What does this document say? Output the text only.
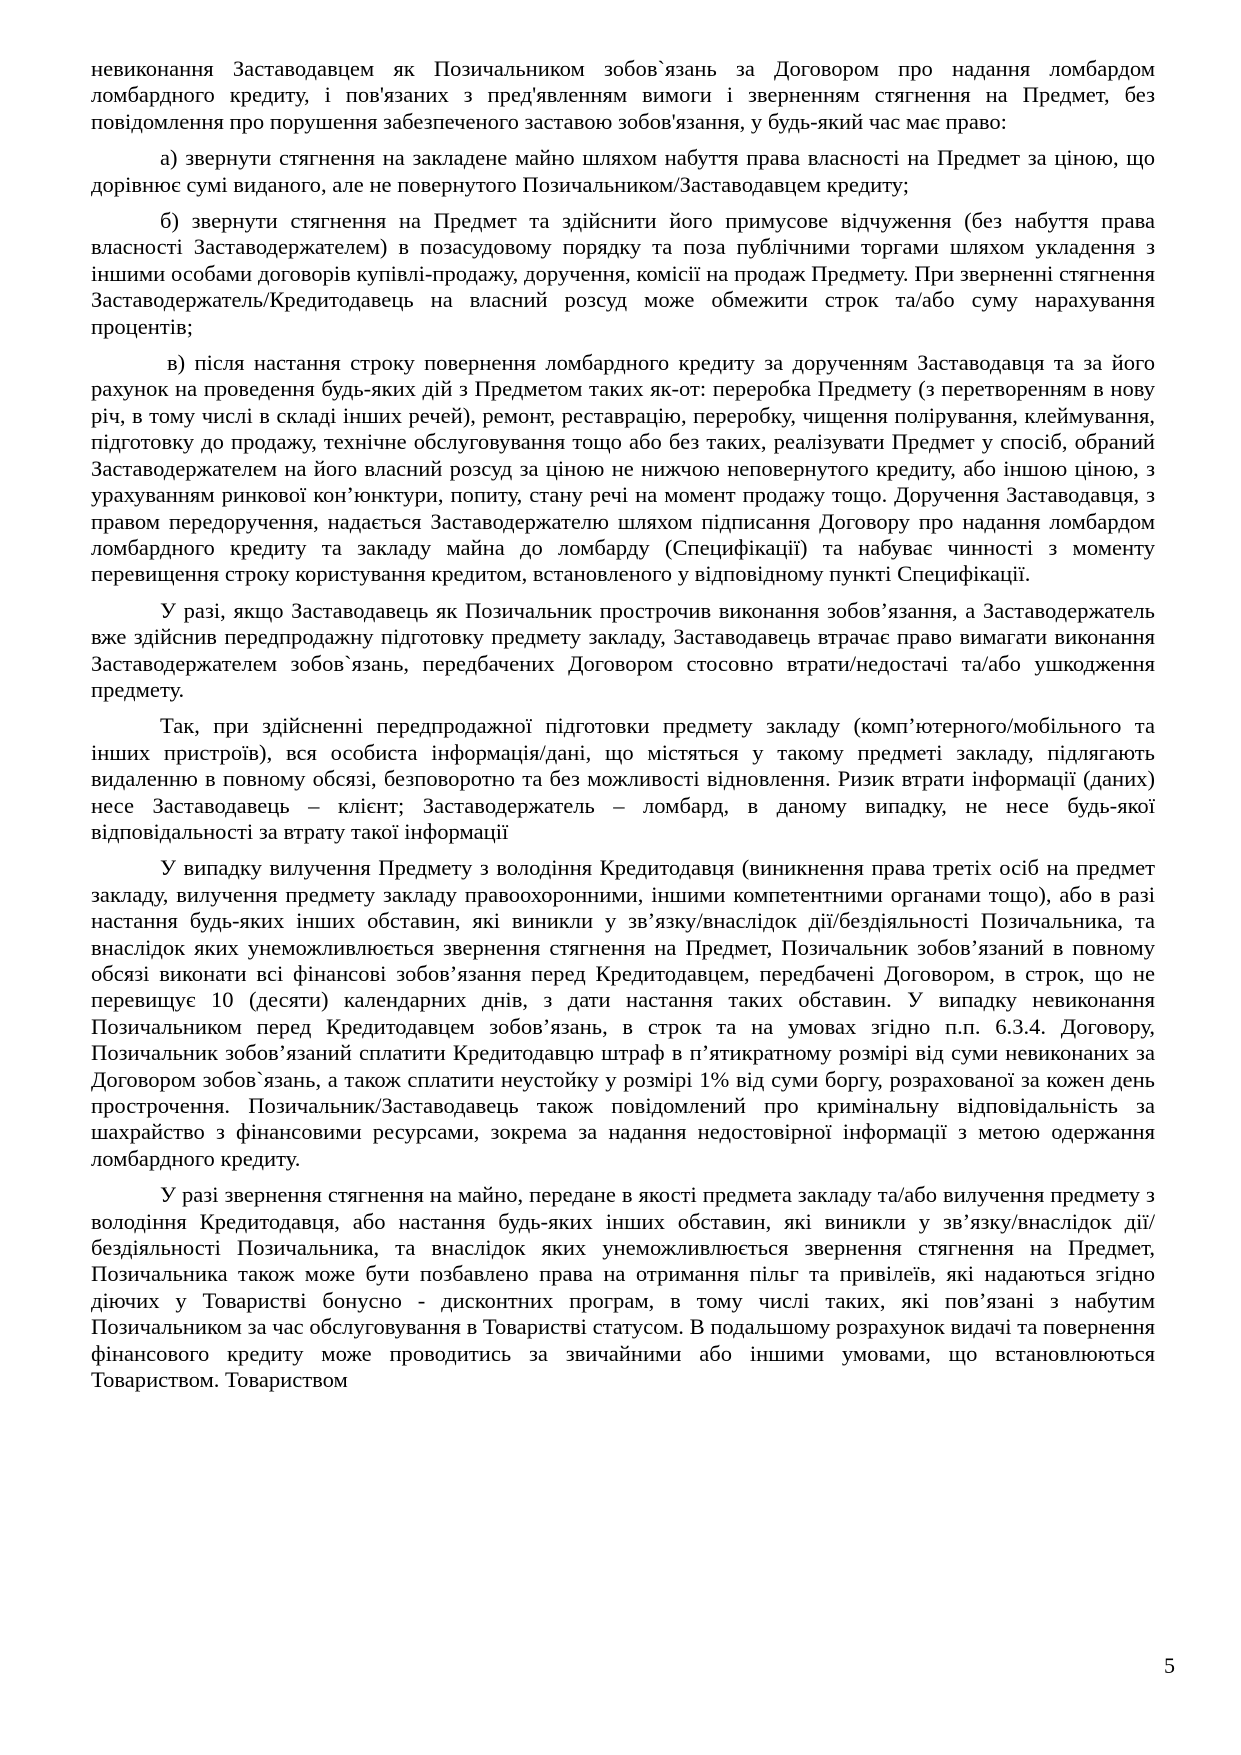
невиконання Заставодавцем як Позичальником зобов`язань за Договором про надання ломбардом ломбардного кредиту, і пов'язаних з пред'явленням вимоги і зверненням стягнення на Предмет, без повідомлення про порушення забезпеченого заставою зобов'язання, у будь-який час має право:

а) звернути стягнення на закладене майно шляхом набуття права власності на Предмет за ціною, що дорівнює сумі виданого, але не повернутого Позичальником/Заставодавцем кредиту;

б) звернути стягнення на Предмет та здійснити його примусове відчуження (без набуття права власності Заставодержателем) в позасудовому порядку та поза публічними торгами шляхом укладення з іншими особами договорів купівлі-продажу, доручення, комісії на продаж Предмету. При зверненні стягнення Заставодержатель/Кредитодавець на власний розсуд може обмежити строк та/або суму нарахування процентів;

в) після настання строку повернення ломбардного кредиту за дорученням Заставодавця та за його рахунок на проведення будь-яких дій з Предметом таких як-от: переробка Предмету (з перетворенням в нову річ, в тому числі в складі інших речей), ремонт, реставрацію, переробку, чищення полірування, клеймування, підготовку до продажу, технічне обслуговування тощо або без таких, реалізувати Предмет у спосіб, обраний Заставодержателем на його власний розсуд за ціною не нижчою неповернутого кредиту, або іншою ціною, з урахуванням ринкової кон’юнктури, попиту, стану речі на момент продажу тощо. Доручення Заставодавця, з правом передоручення, надається Заставодержателю шляхом підписання Договору про надання ломбардом ломбардного кредиту та закладу майна до ломбарду (Специфікації) та набуває чинності з моменту перевищення строку користування кредитом, встановленого у відповідному пункті Специфікації.

У разі, якщо Заставодавець як Позичальник прострочив виконання зобов’язання, а Заставодержатель вже здійснив передпродажну підготовку предмету закладу, Заставодавець втрачає право вимагати виконання Заставодержателем зобов`язань, передбачених Договором стосовно втрати/недостачі та/або ушкодження предмету.

Так, при здійсненні передпродажної підготовки предмету закладу (комп’ютерного/мобільного та інших пристроїв), вся особиста інформація/дані, що містяться у такому предметі закладу, підлягають видаленню в повному обсязі, безповоротно та без можливості відновлення. Ризик втрати інформації (даних) несе Заставодавець – клієнт; Заставодержатель – ломбард, в даному випадку, не несе будь-якої відповідальності за втрату такої інформації

У випадку вилучення Предмету з володіння Кредитодавця (виникнення права третіх осіб на предмет закладу, вилучення предмету закладу правоохоронними, іншими компетентними органами тощо), або в разі настання будь-яких інших обставин, які виникли у зв’язку/внаслідок дії/бездіяльності Позичальника, та внаслідок яких унеможливлюється звернення стягнення на Предмет, Позичальник зобов’язаний в повному обсязі виконати всі фінансові зобов’язання перед Кредитодавцем, передбачені Договором, в строк, що не перевищує 10 (десяти) календарних днів, з дати настання таких обставин. У випадку невиконання Позичальником перед Кредитодавцем зобов’язань, в строк та на умовах згідно п.п. 6.3.4. Договору, Позичальник зобов’язаний сплатити Кредитодавцю штраф в п’ятикратному розмірі від суми невиконаних за Договором зобов`язань, а також сплатити неустойку у розмірі 1% від суми боргу, розрахованої за кожен день прострочення. Позичальник/Заставодавець також повідомлений про кримінальну відповідальність за шахрайство з фінансовими ресурсами, зокрема за надання недостовірної інформації з метою одержання ломбардного кредиту.

У разі звернення стягнення на майно, передане в якості предмета закладу та/або вилучення предмету з володіння Кредитодавця, або настання будь-яких інших обставин, які виникли у зв’язку/внаслідок дії/бездіяльності Позичальника, та внаслідок яких унеможливлюється звернення стягнення на Предмет, Позичальника також може бути позбавлено права на отримання пільг та привілеїв, які надаються згідно діючих у Товаристві бонусно - дисконтних програм, в тому числі таких, які пов’язані з набутим Позичальником за час обслуговування в Товаристві статусом. В подальшому розрахунок видачі та повернення фінансового кредиту може проводитись за звичайними або іншими умовами, що встановлюються Товариством. Товариством

5
